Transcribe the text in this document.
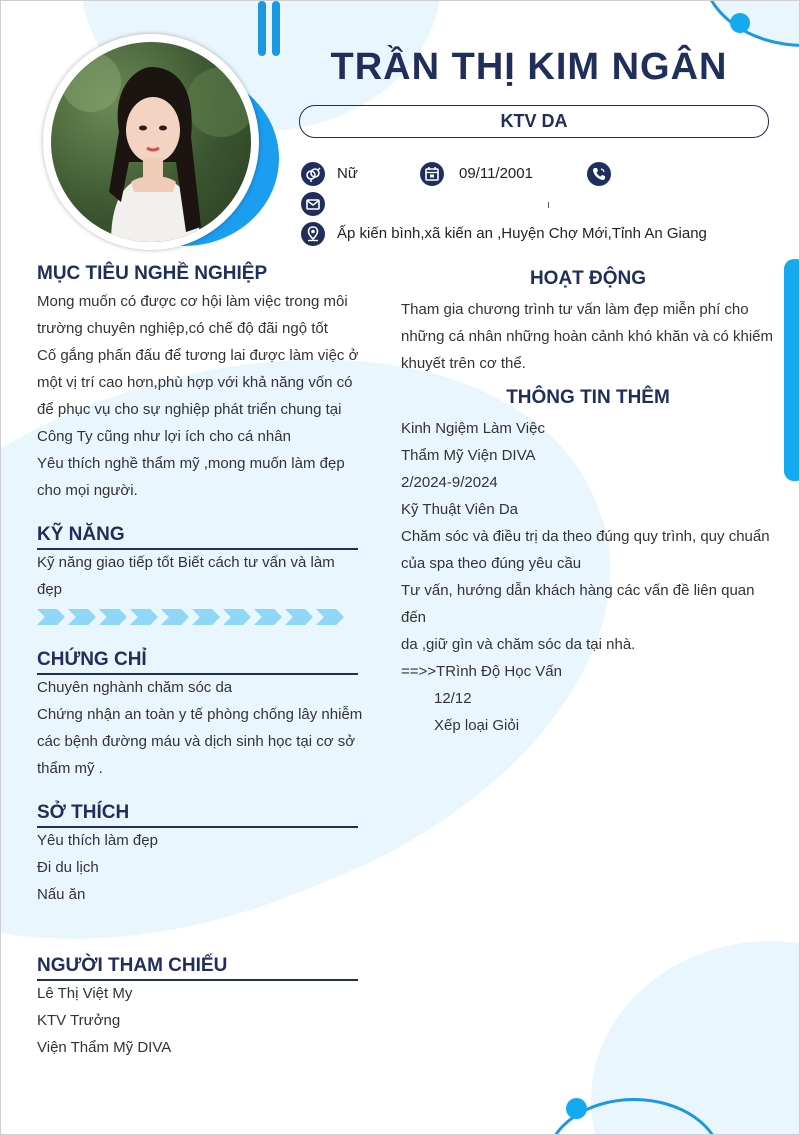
TRẦN THỊ KIM NGÂN
KTV DA
Nữ	09/11/2001
Ấp kiến bình,xã kiến an ,Huyện Chợ Mới,Tỉnh An Giang
MỤC TIÊU NGHỀ NGHIỆP
Mong muốn có được cơ hội làm việc trong môi
trường chuyên nghiệp,có chế độ đãi ngộ tốt
Cố gắng phấn đấu để tương lai được làm việc ở
một vị trí cao hơn,phù hợp với khả năng vốn có
để phục vụ cho sự nghiệp phát triển chung tại
Công Ty cũng như lợi ích cho cá nhân
Yêu thích nghề thẩm mỹ ,mong muốn làm đẹp
cho mọi người.
KỸ NĂNG
Kỹ năng giao tiếp tốt Biết cách tư vấn và làm
đẹp
CHỨNG CHỈ
Chuyên nghành chăm sóc da
Chứng nhận an toàn y tế phòng chống lây nhiễm
các bệnh đường máu và dịch sinh học tại cơ sở
thẩm mỹ .
SỞ THÍCH
Yêu thích làm đẹp
Đi du lịch
Nấu ăn
NGƯỜI THAM CHIẾU
Lê Thị Việt My
KTV Trưởng
Viện Thẩm Mỹ DIVA
HOẠT ĐỘNG
Tham gia chương trình tư vấn làm đẹp miễn phí cho
những cá nhân những hoàn cảnh khó khăn và có khiếm
khuyết trên cơ thể.
THÔNG TIN THÊM
Kinh Ngiệm Làm Việc
Thẩm Mỹ Viện DIVA
2/2024-9/2024
Kỹ Thuật Viên Da
Chăm sóc và điều trị da theo đúng quy trình, quy chuẩn
của spa theo đúng yêu cầu
Tư vấn, hướng dẫn khách hàng các vấn đề liên quan đến
da ,giữ gìn và chăm sóc da tại nhà.
==>>TRình Độ Học Vấn
12/12
Xếp loại Giỏi
